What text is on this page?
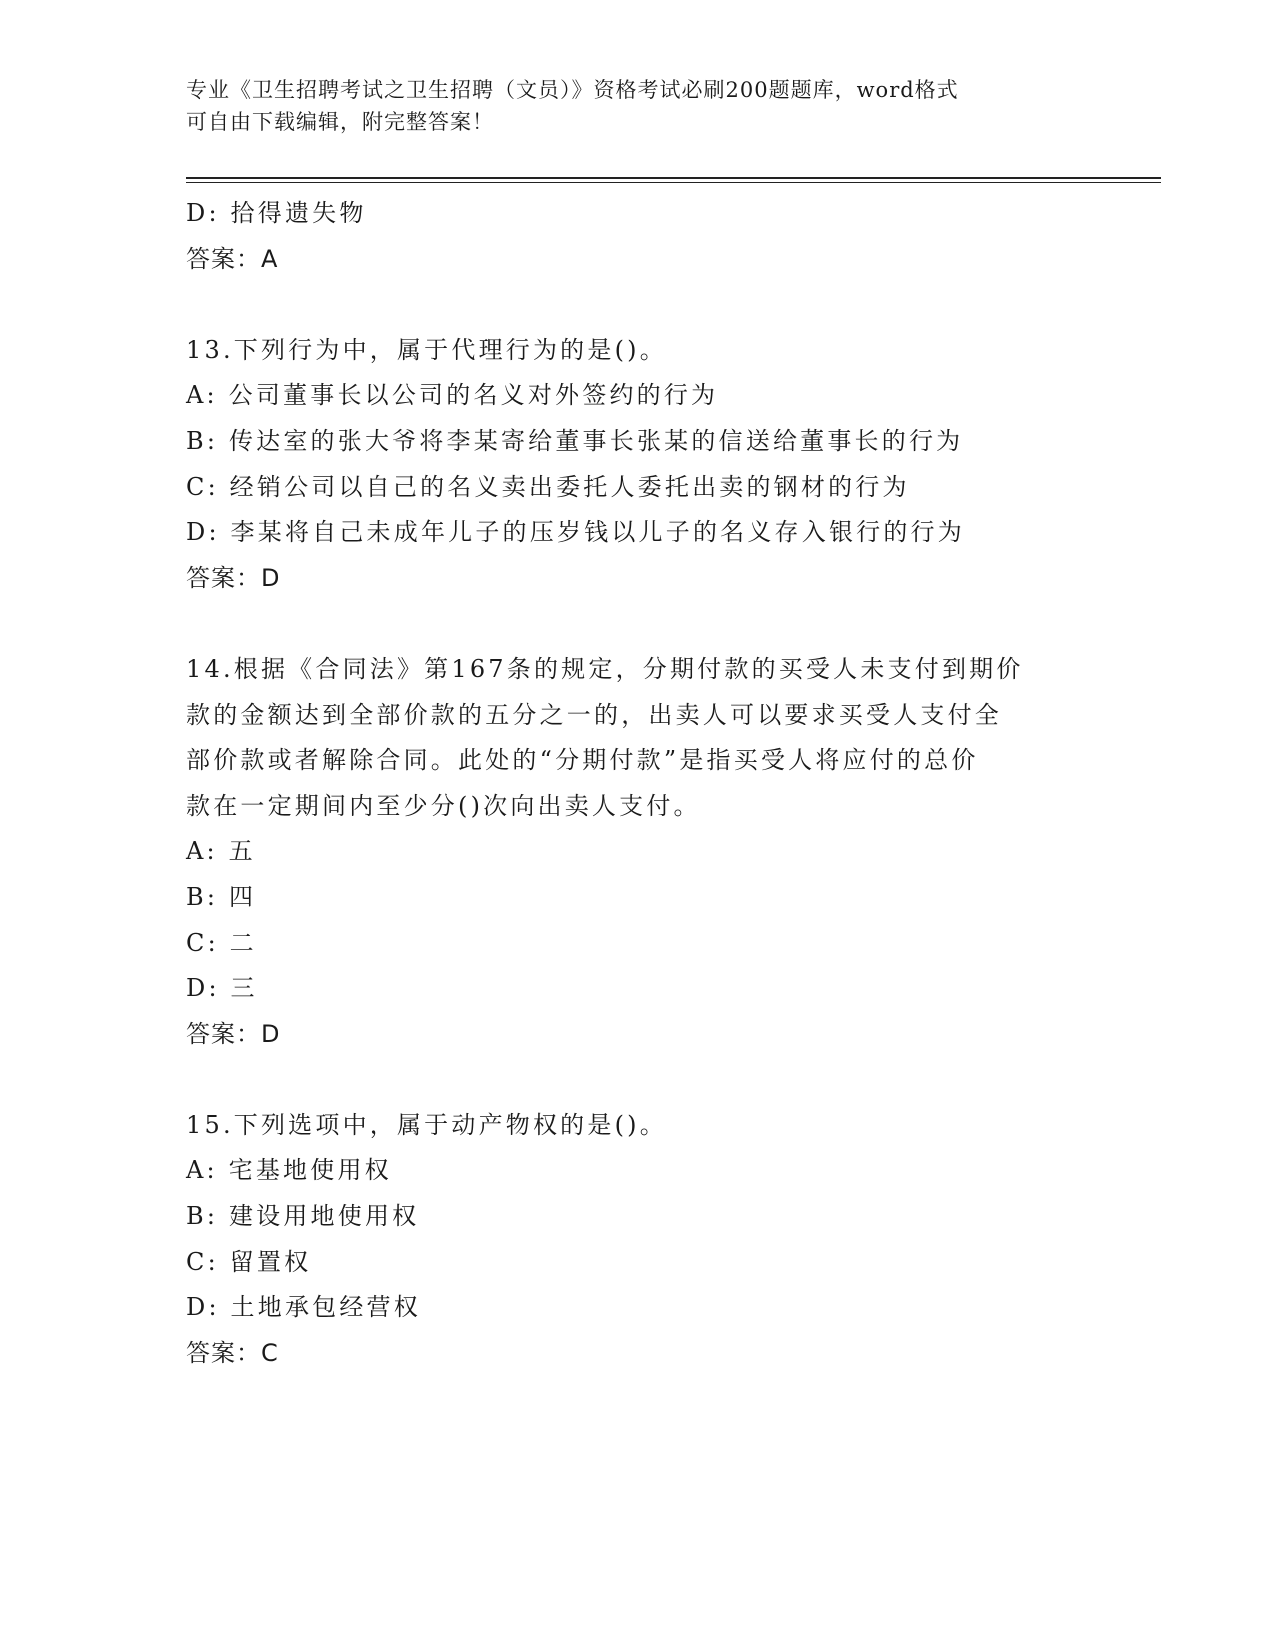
专业《卫生招聘考试之卫生招聘（文员）》资格考试必刷200题题库，word格式
可自由下载编辑，附完整答案！
D: 拾得遗失物
答案：A
13.下列行为中，属于代理行为的是()。
A: 公司董事长以公司的名义对外签约的行为
B: 传达室的张大爷将李某寄给董事长张某的信送给董事长的行为
C: 经销公司以自己的名义卖出委托人委托出卖的钢材的行为
D: 李某将自己未成年儿子的压岁钱以儿子的名义存入银行的行为
答案：D
14.根据《合同法》第167条的规定，分期付款的买受人未支付到期价
款的金额达到全部价款的五分之一的，出卖人可以要求买受人支付全
部价款或者解除合同。此处的“分期付款”是指买受人将应付的总价
款在一定期间内至少分()次向出卖人支付。
A: 五
B: 四
C: 二
D: 三
答案：D
15.下列选项中，属于动产物权的是()。
A: 宅基地使用权
B: 建设用地使用权
C: 留置权
D: 土地承包经营权
答案：C
